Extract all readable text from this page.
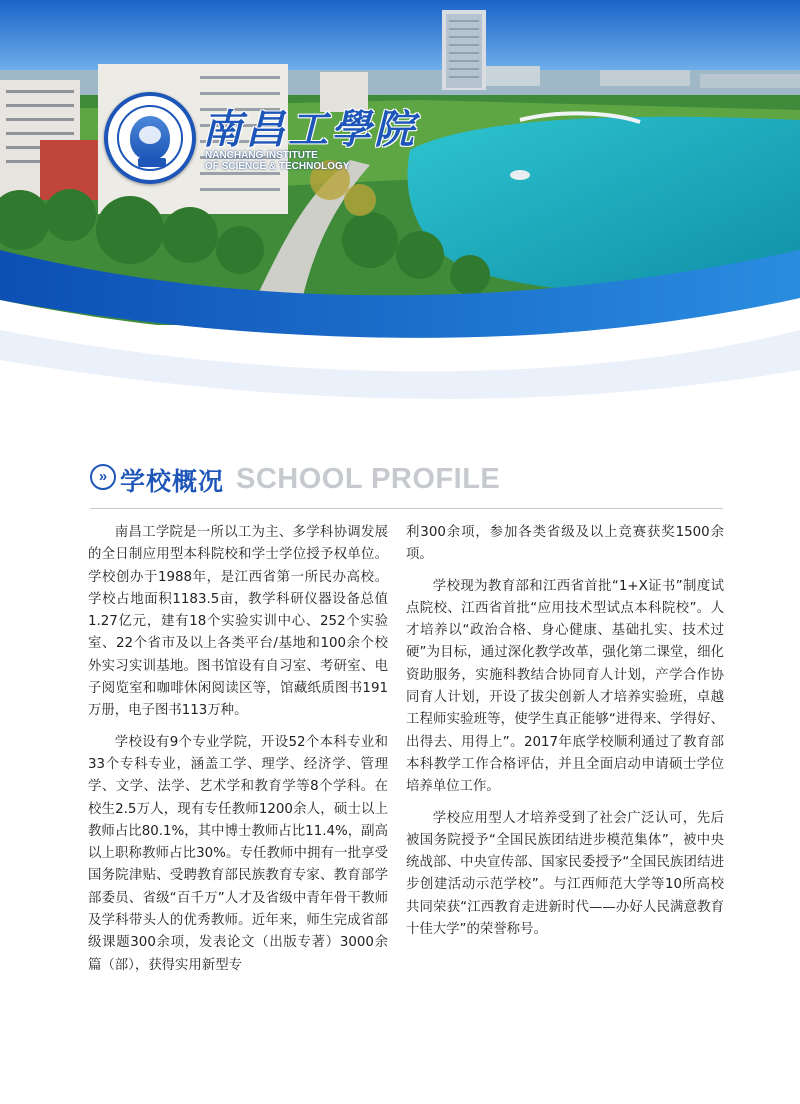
南昌工學院
NANCHANG INSTITUTE
OF SCIENCE & TECHNOLOGY
» 学校概况 SCHOOL PROFILE

南昌工学院是一所以工为主、多学科协调发展的全日制应用型本科院校和学士学位授予权单位。学校创办于1988年，是江西省第一所民办高校。学校占地面积1183.5亩，教学科研仪器设备总值1.27亿元，建有18个实验实训中心、252个实验室、22个省市及以上各类平台/基地和100余个校外实习实训基地。图书馆设有自习室、考研室、电子阅览室和咖啡休闲阅读区等，馆藏纸质图书191万册，电子图书113万种。

学校设有9个专业学院，开设52个本科专业和33个专科专业，涵盖工学、理学、经济学、管理学、文学、法学、艺术学和教育学等8个学科。在校生2.5万人，现有专任教师1200余人，硕士以上教师占比80.1%，其中博士教师占比11.4%，副高以上职称教师占比30%。专任教师中拥有一批享受国务院津贴、受聘教育部民族教育专家、教育部学部委员、省级“百千万”人才及省级中青年骨干教师及学科带头人的优秀教师。近年来，师生完成省部级课题300余项，发表论文（出版专著）3000余篇（部），获得实用新型专

利300余项，参加各类省级及以上竞赛获奖1500余项。

学校现为教育部和江西省首批“1+X证书”制度试点院校、江西省首批“应用技术型试点本科院校”。人才培养以“政治合格、身心健康、基础扎实、技术过硬”为目标，通过深化教学改革，强化第二课堂，细化资助服务，实施科教结合协同育人计划，产学合作协同育人计划，开设了拔尖创新人才培养实验班，卓越工程师实验班等，使学生真正能够“进得来、学得好、出得去、用得上”。2017年底学校顺利通过了教育部本科教学工作合格评估，并且全面启动申请硕士学位培养单位工作。

学校应用型人才培养受到了社会广泛认可，先后被国务院授予“全国民族团结进步模范集体”，被中央统战部、中央宣传部、国家民委授予“全国民族团结进步创建活动示范学校”。与江西师范大学等10所高校共同荣获“江西教育走进新时代——办好人民满意教育十佳大学”的荣誉称号。
